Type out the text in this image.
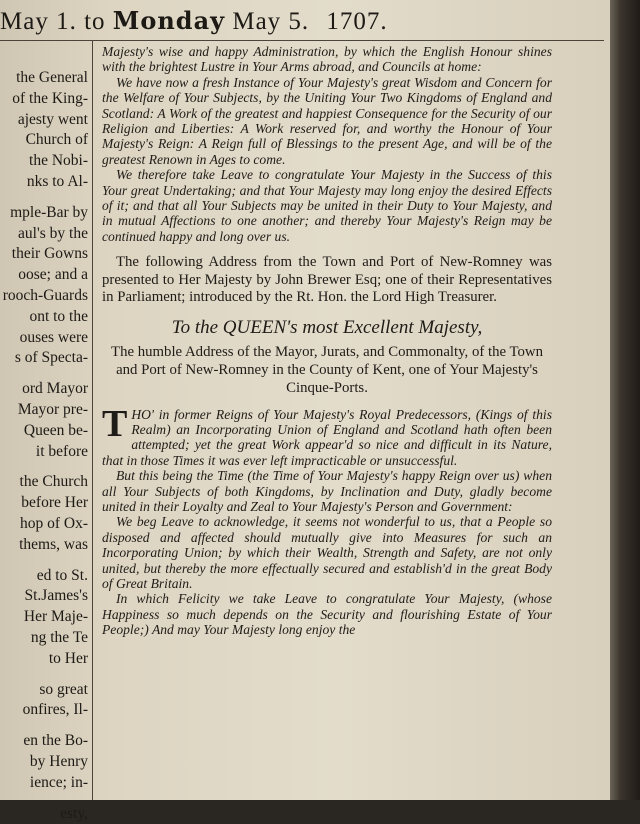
May 1. to Monday May 5. 1707.
the General
of the King-
ajesty went
Church of
the Nobi-
nks to Al-
mple-Bar by
aul's by the
their Gowns
oose; and a
rooch-Guards
ont to the
ouses were
s of Specta-
ord Mayor
Mayor pre-
Queen be-
it before
the Church
before Her
hop of Ox-
thems, was
ed to St.
St.James's
Her Maje-
ng the Te
to Her
so great
onfires, Il-
en the Bo-
by Henry
ience; in-
esty,

Majesty's wise and happy Administration, by which the English Honour shines with the brightest Lustre in Your Arms abroad, and Councils at home:

We have now a fresh Instance of Your Majesty's great Wisdom and Concern for the Welfare of Your Subjects, by the Uniting Your Two Kingdoms of England and Scotland: A Work of the greatest and happiest Consequence for the Security of our Religion and Liberties: A Work reserved for, and worthy the Honour of Your Majesty's Reign: A Reign full of Blessings to the present Age, and will be of the greatest Renown in Ages to come.

We therefore take Leave to congratulate Your Majesty in the Success of this Your great Undertaking; and that Your Majesty may long enjoy the desired Effects of it; and that all Your Subjects may be united in their Duty to Your Majesty, and in mutual Affections to one another; and thereby Your Majesty's Reign may be continued happy and long over us.

The following Address from the Town and Port of New-Romney was presented to Her Majesty by John Brewer Esq; one of their Representatives in Parliament; introduced by the Rt. Hon. the Lord High Treasurer.

To the QUEEN's most Excellent Majesty,

The humble Address of the Mayor, Jurats, and Commonalty, of the Town and Port of New-Romney in the County of Kent, one of Your Majesty's Cinque-Ports.

T HO' in former Reigns of Your Majesty's Royal Predecessors, (Kings of this Realm) an Incorporating Union of England and Scotland hath often been attempted; yet the great Work appear'd so nice and difficult in its Nature, that in those Times it was ever left impracticable or unsuccessful.

But this being the Time (the Time of Your Majesty's happy Reign over us) when all Your Subjects of both Kingdoms, by Inclination and Duty, gladly become united in their Loyalty and Zeal to Your Majesty's Person and Government:

We beg Leave to acknowledge, it seems not wonderful to us, that a People so disposed and affected should mutually give into Measures for such an Incorporating Union; by which their Wealth, Strength and Safety, are not only united, but thereby the more effectually secured and establish'd in the great Body of Great Britain.

In which Felicity we take Leave to congratulate Your Majesty, (whose Happiness so much depends on the Security and flourishing Estate of Your People;) And may Your Majesty long enjoy the
